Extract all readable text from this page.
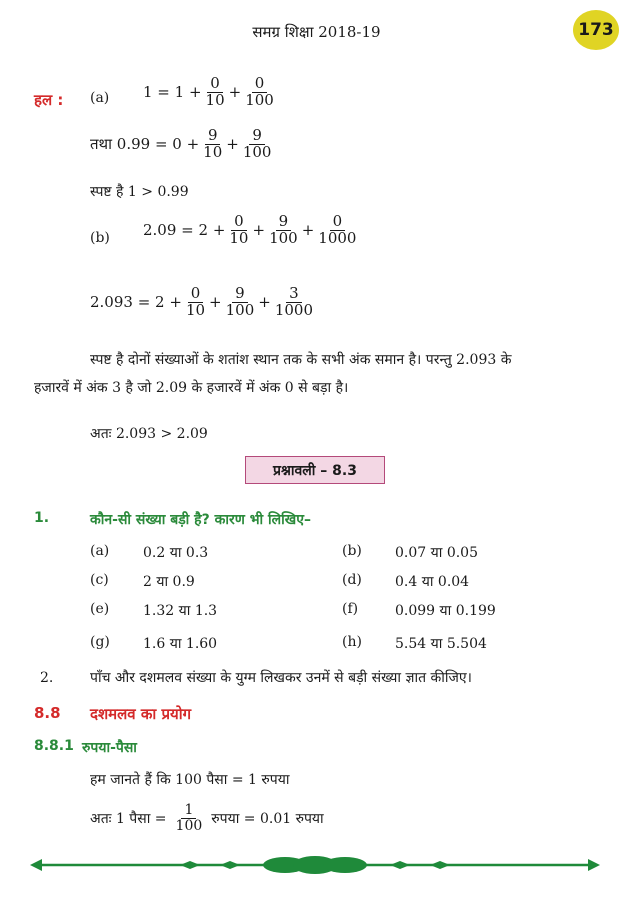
समग्र शिक्षा 2018-19	173
हल : (a) $1 = 1 + \frac{0}{10} + \frac{0}{100}$
तथा $0.99 = 0 + \frac{9}{10} + \frac{9}{100}$
स्पष्ट है 1 > 0.99
(b) $2.09 = 2 + \frac{0}{10} + \frac{9}{100} + \frac{0}{1000}$
$2.093 = 2 + \frac{0}{10} + \frac{9}{100} + \frac{3}{1000}$
स्पष्ट है दोनों संख्याओं के शतांश स्थान तक के सभी अंक समान है। परन्तु 2.093 के
हजारवें में अंक 3 है जो 2.09 के हजारवें में अंक 0 से बड़ा है।
अतः 2.093 > 2.09
प्रश्नावली – 8.3
1.	कौन-सी संख्या बड़ी है? कारण भी लिखिए–
(a) 0.2 या 0.3	(b) 0.07 या 0.05
(c) 2 या 0.9	(d) 0.4 या 0.04
(e) 1.32 या 1.3	(f)	0.099 या 0.199
(g) 1.6 या 1.60	(h) 5.54 या 5.504
2.	पाँच और दशमलव संख्या के युग्म लिखकर उनमें से बड़ी संख्या ज्ञात कीजिए।
8.8 दशमलव का प्रयोग
8.8.1 रुपया-पैसा
हम जानते हैं कि 100 पैसा = 1 रुपया
अतः 1 पैसा = $\frac{1}{100}$ रुपया = 0.01 रुपया
